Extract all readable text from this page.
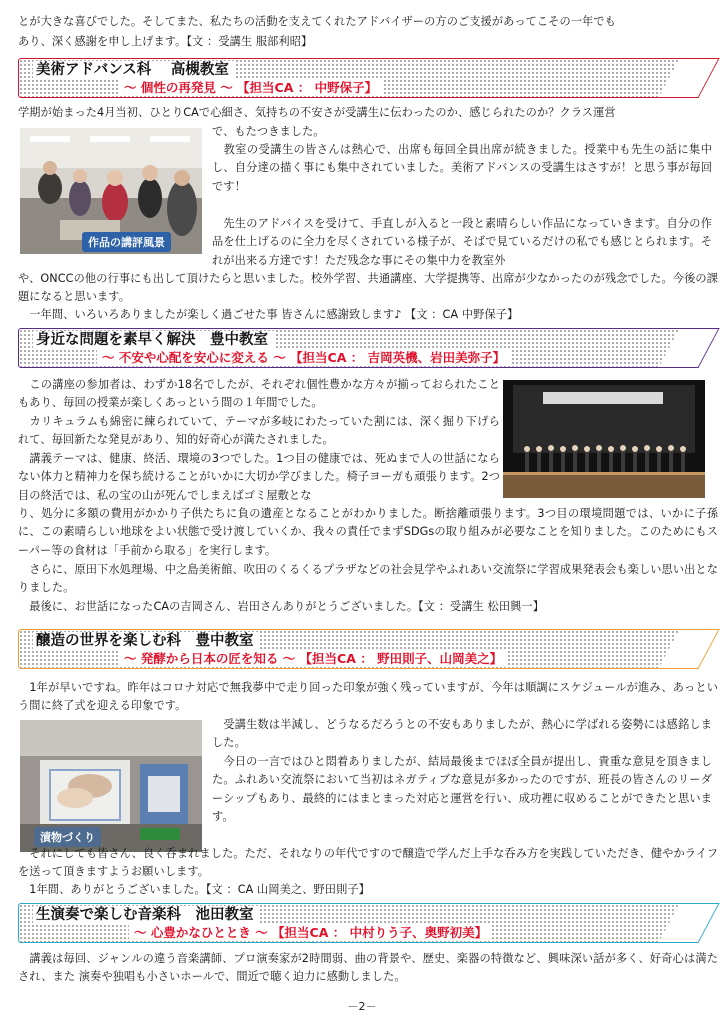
とが大きな喜びでした。そしてまた、私たちの活動を支えてくれたアドバイザーの方のご支援があってこその一年でも

あり、深く感謝を申し上げます。【文 ：受講生 服部利昭】

美術アドバンス科　 高槻教室
～ 個性の再発見 ～ 【担当CA ： 中野保子】

学期が始まった4月当初、ひとりCAで心細さ、気持ちの不安さが受講生に伝わったのか、感じられたのか？クラス運営

作品の講評風景

で、もたつきました。

　教室の受講生の皆さんは熱心で、出席も毎回全員出席が続きました。授業中も先生の話に集中し、自分達の描く事にも集中されていました。美術アドバンスの受講生はさすが！と思う事が毎回です！

　先生のアドバイスを受けて、手直しが入ると一段と素晴らしい作品になっていきます。自分の作品を仕上げるのに全力を尽くされている様子が、そばで見ているだけの私でも感じとられます。それが出来る方達です！ただ残念な事にその集中力を教室外

や、ONCCの他の行事にも出して頂けたらと思いました。校外学習、共通講座、大学提携等、出席が少なかったのが残念でした。今後の課題になると思います。

　一年間、いろいろありましたが楽しく過ごせた事 皆さんに感謝致します♪ 【文 ：CA 中野保子】

身近な問題を素早く解決　豊中教室
～ 不安や心配を安心に変える ～ 【担当CA ： 吉岡英機、岩田美弥子】

　この講座の参加者は、わずか18名でしたが、それぞれ個性豊かな方々が揃っておられたこともあり、毎回の授業が楽しくあっという間の１年間でした。

　カリキュラムも綿密に練られていて、テーマが多岐にわたっていた割には、深く掘り下げられて、毎回新たな発見があり、知的好奇心が満たされました。

　講義テーマは、健康、終活、環境の3つでした。1つ目の健康では、死ぬまで人の世話にならない体力と精神力を保ち続けることがいかに大切か学びました。椅子ヨーガも頑張ります。2つ目の終活では、私の宝の山が死んでしまえばゴミ屋敷とな

り、処分に多額の費用がかかり子供たちに負の遺産となることがわかりました。断捨離頑張ります。3つ目の環境問題では、いかに子孫に、この素晴らしい地球をよい状態で受け渡していくか、我々の責任でまずSDGsの取り組みが必要なことを知りました。このためにもスーパー等の食材は「手前から取る」を実行します。

　さらに、原田下水処理場、中之島美術館、吹田のくるくるプラザなどの社会見学やふれあい交流祭に学習成果発表会も楽しい思い出となりました。

　最後に、お世話になったCAの吉岡さん、岩田さんありがとうございました。【文 ：受講生 松田興一】

醸造の世界を楽しむ科　豊中教室
～ 発酵から日本の匠を知る ～ 【担当CA ： 野田則子、山岡美之】

　1年が早いですね。昨年はコロナ対応で無我夢中で走り回った印象が強く残っていますが、今年は順調にスケジュールが進み、あっという間に終了式を迎える印象です。

漬物づくり

　受講生数は半減し、どうなるだろうとの不安もありましたが、熱心に学ばれる姿勢には感銘しました。

　今日の一言ではひと悶着ありましたが、結局最後までほぼ全員が提出し、貴重な意見を頂きました。ふれあい交流祭において当初はネガティブな意見が多かったのですが、班長の皆さんのリーダーシップもあり、最終的にはまとまった対応と運営を行い、成功裡に収めることができたと思います。

　それにしても皆さん、良く呑まれました。ただ、それなりの年代ですので醸造で学んだ上手な呑み方を実践していただき、健やかライフを送って頂きますようお願いします。

　1年間、ありがとうございました。【文 ：CA 山岡美之、野田則子】

生演奏で楽しむ音楽科　池田教室
～ 心豊かなひととき ～ 【担当CA ： 中村りう子、奥野初美】

　講義は毎回、ジャンルの違う音楽講師、プロ演奏家が2時間弱、曲の背景や、歴史、楽器の特徴など、興味深い話が多く、好奇心は満たされ、また 演奏や独唱も小さいホールで、間近で聴く迫力に感動しました。

－2－
